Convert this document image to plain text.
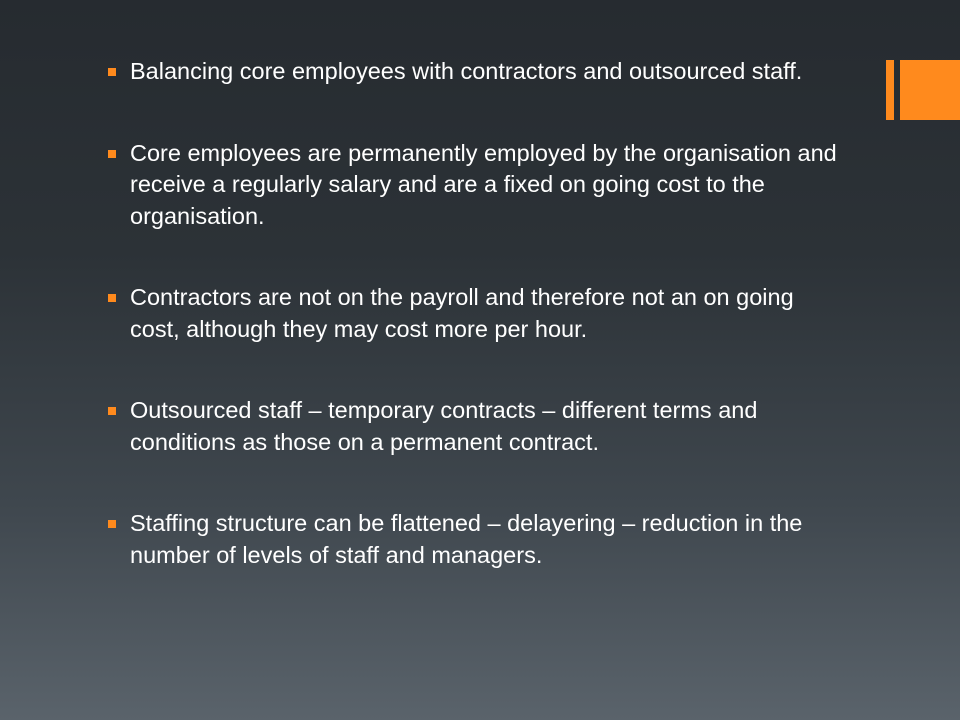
Balancing core employees with contractors and outsourced staff.
Core employees are permanently employed by the organisation and receive a regularly salary and are a fixed on going cost to the organisation.
Contractors are not on the payroll and therefore not an on going cost, although they may cost more per hour.
Outsourced staff – temporary contracts – different terms and conditions as those on a permanent contract.
Staffing structure can be flattened – delayering – reduction in the number of levels of staff and managers.
